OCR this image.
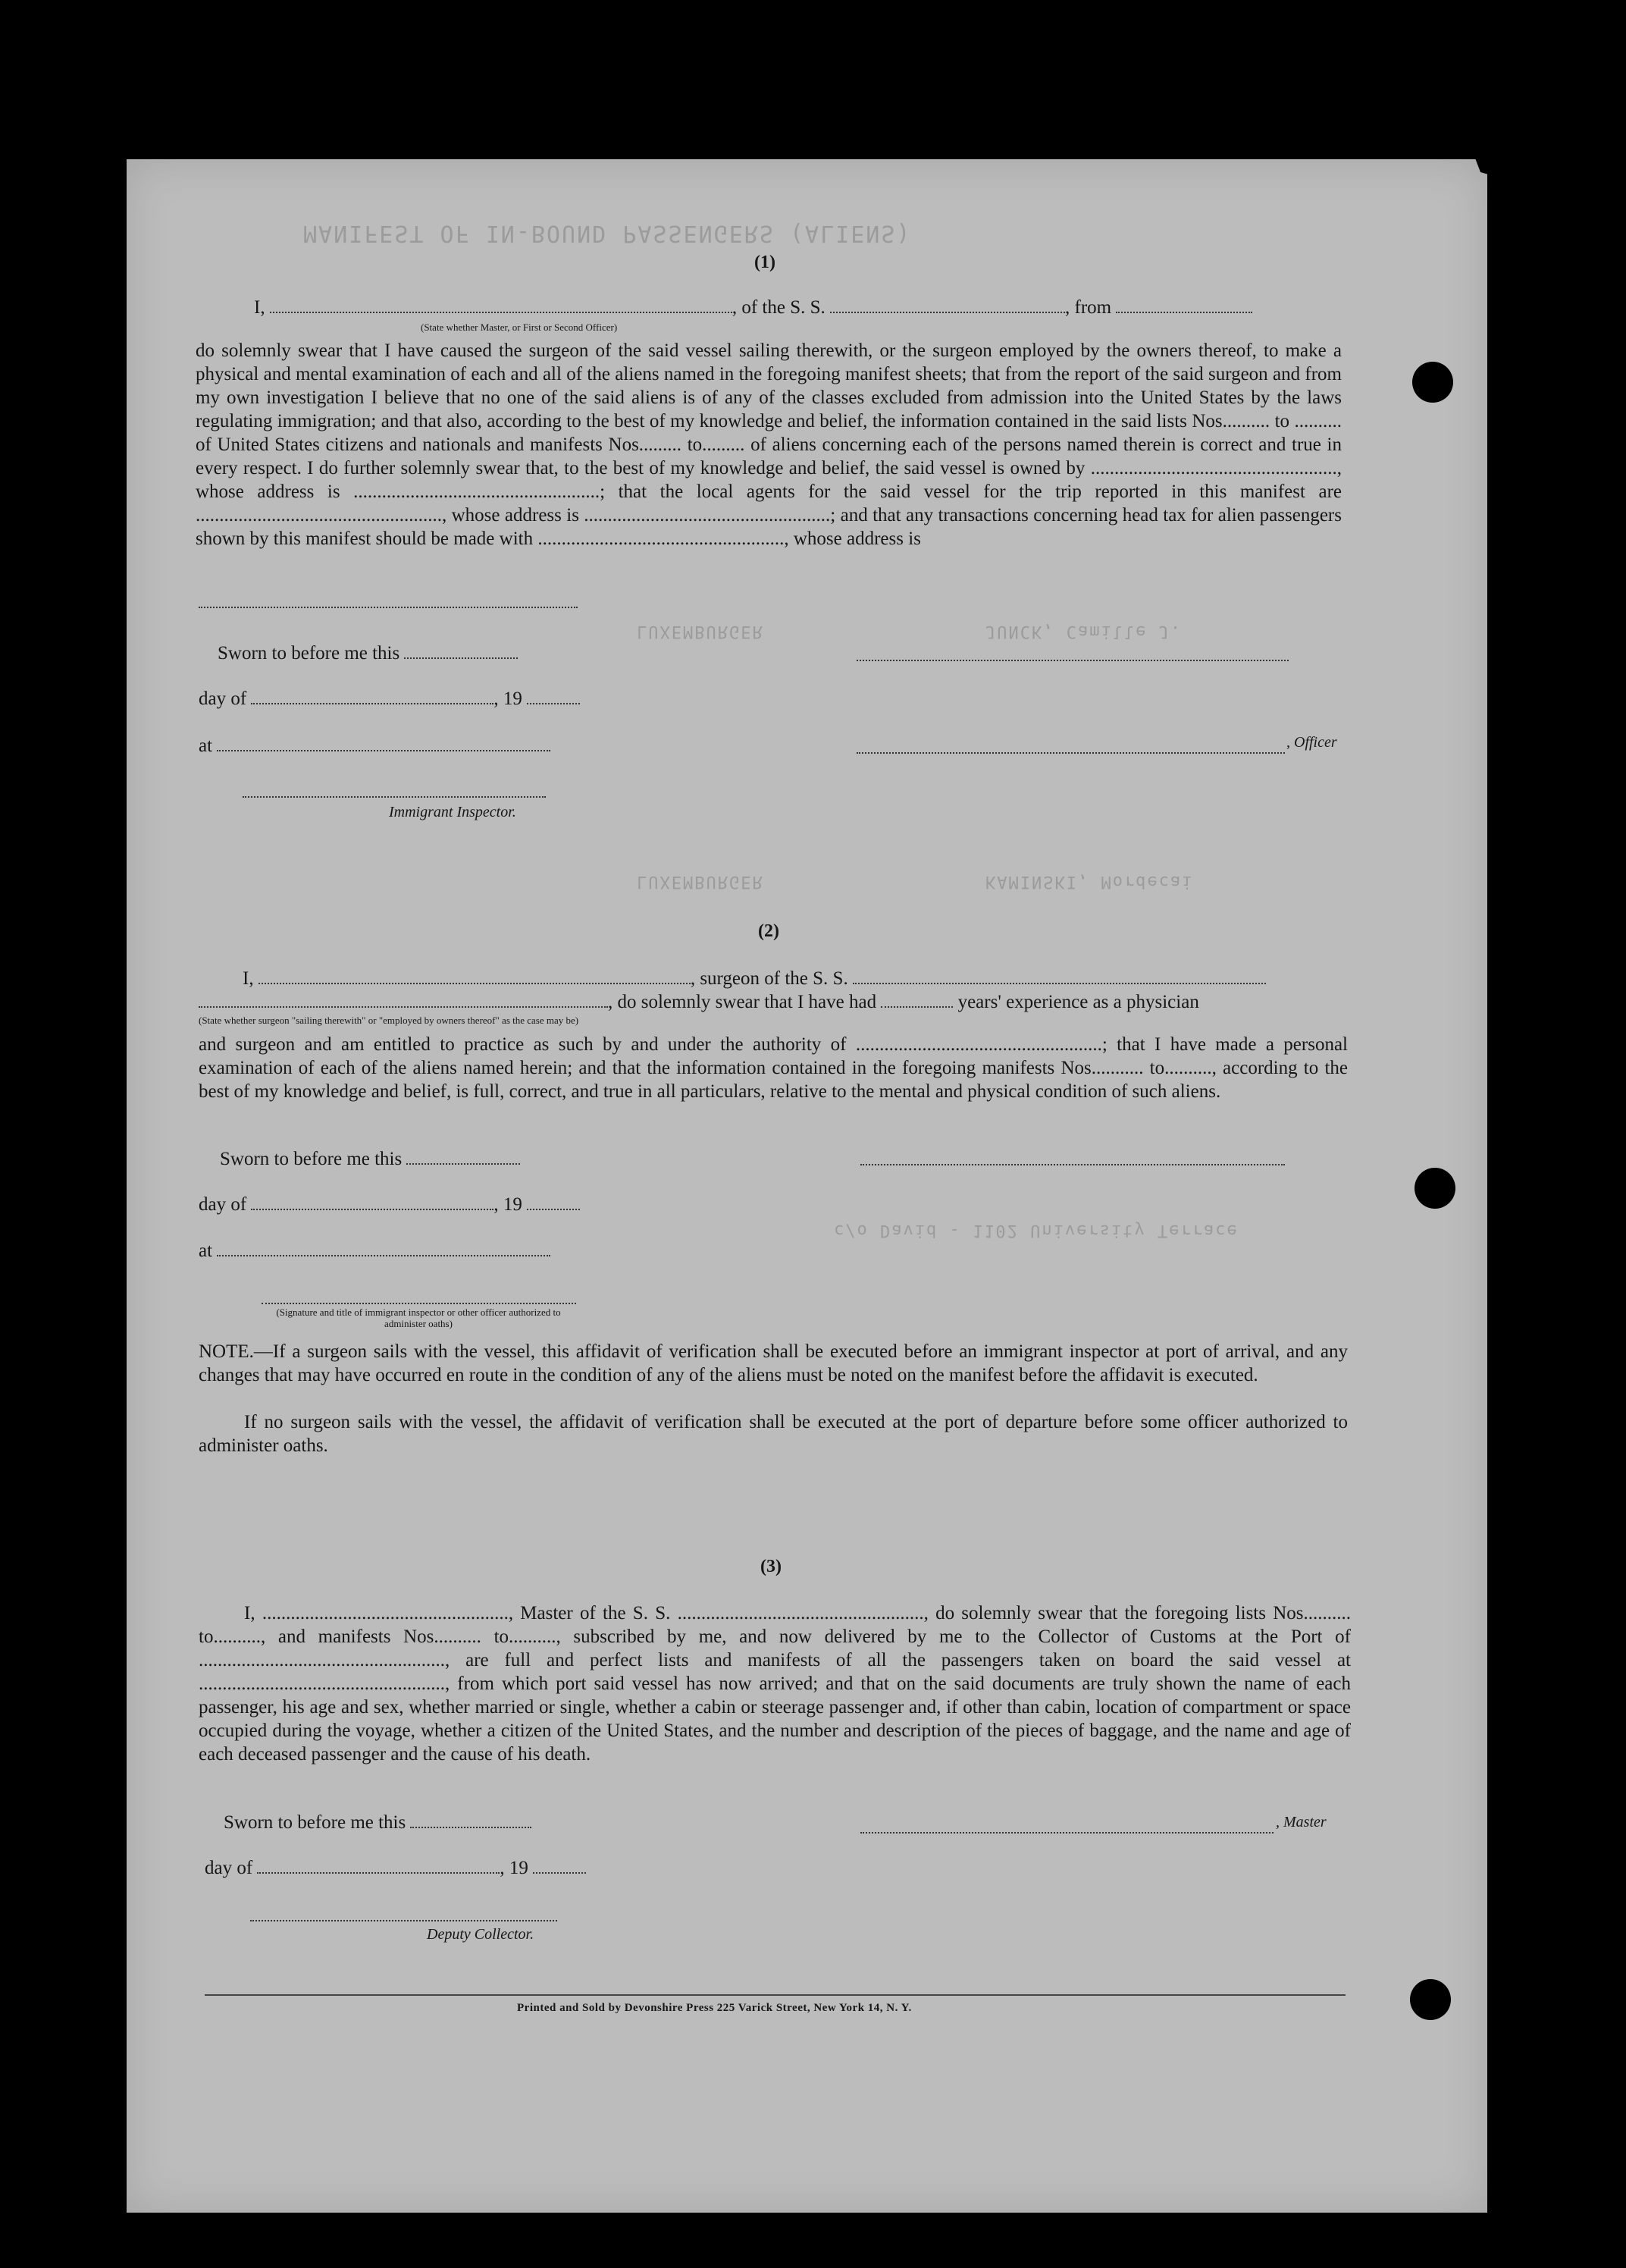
MANIFEST OF IN-BOUND PASSENGERS (ALIENS)
LUXEMBURGER	JUNCK, Camille J.
LUXEMBURGER	KAMINSKI, Mordecai
c/o David - 1102 University Terrace
(1)
I,	, of the S. S.	, from
(State whether Master, or First or Second Officer)
do solemnly swear that I have caused the surgeon of the said vessel sailing therewith, or the surgeon employed by the owners thereof, to make a physical and mental examination of each and all of the aliens named in the foregoing manifest sheets; that from the report of the said surgeon and from my own investigation I believe that no one of the said aliens is of any of the classes excluded from admission into the United States by the laws regulating immigration; and that also, according to the best of my knowledge and belief, the information contained in the said lists Nos.......... to .......... of United States citizens and nationals and manifests Nos......... to......... of aliens concerning each of the persons named therein is correct and true in every respect. I do further solemnly swear that, to the best of my knowledge and belief, the said vessel is owned by ...................................................., whose address is ....................................................; that the local agents for the said vessel for the trip reported in this manifest are ...................................................., whose address is ....................................................; and that any transactions concerning head tax for alien passengers shown by this manifest should be made with ...................................................., whose address is
Sworn to before me this
day of	, 19
at
Immigrant Inspector.
, Officer
(2)
I,	, surgeon of the S. S.
, do solemnly swear that I have had	years' experience as a physician
(State whether surgeon "sailing therewith" or "employed by owners thereof" as the case may be)
and surgeon and am entitled to practice as such by and under the authority of ....................................................; that I have made a personal examination of each of the aliens named herein; and that the information contained in the foregoing manifests Nos........... to.........., according to the best of my knowledge and belief, is full, correct, and true in all particulars, relative to the mental and physical condition of such aliens.
Sworn to before me this
day of	, 19
at
(Signature and title of immigrant inspector or other officer authorized to administer oaths)
NOTE.—If a surgeon sails with the vessel, this affidavit of verification shall be executed before an immigrant inspector at port of arrival, and any changes that may have occurred en route in the condition of any of the aliens must be noted on the manifest before the affidavit is executed.
If no surgeon sails with the vessel, the affidavit of verification shall be executed at the port of departure before some officer authorized to administer oaths.
(3)
I, ...................................................., Master of the S. S. ...................................................., do solemnly swear that the foregoing lists Nos.......... to.........., and manifests Nos.......... to.........., subscribed by me, and now delivered by me to the Collector of Customs at the Port of ...................................................., are full and perfect lists and manifests of all the passengers taken on board the said vessel at ...................................................., from which port said vessel has now arrived; and that on the said documents are truly shown the name of each passenger, his age and sex, whether married or single, whether a cabin or steerage passenger and, if other than cabin, location of compartment or space occupied during the voyage, whether a citizen of the United States, and the number and description of the pieces of baggage, and the name and age of each deceased passenger and the cause of his death.
Sworn to before me this
day of	, 19
, Master
Deputy Collector.
Printed and Sold by Devonshire Press 225 Varick Street, New York 14, N. Y.
